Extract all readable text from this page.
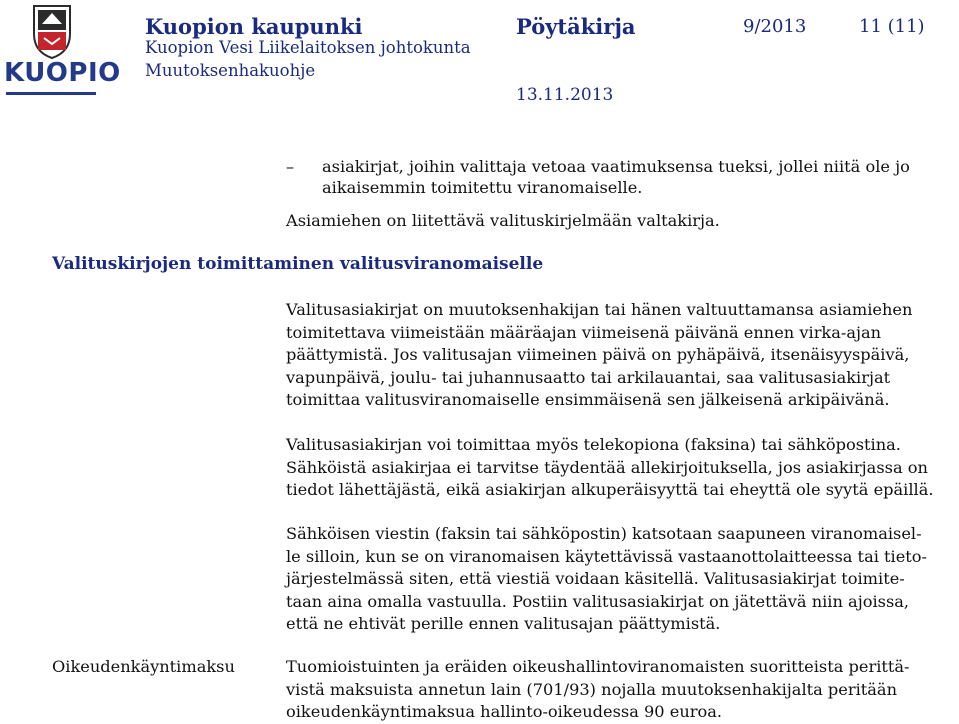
KUOPIO
Kuopion kaupunki
Kuopion Vesi Liikelaitoksen johtokunta
Muutoksenhakuohje
Pöytäkirja	9/2013	11 (11)
13.11.2013
– asiakirjat, joihin valittaja vetoaa vaatimuksensa tueksi, jollei niitä ole jo
aikaisemmin toimitettu viranomaiselle.
Asiamiehen on liitettävä valituskirjelmään valtakirja.
Valituskirjojen toimittaminen valitusviranomaiselle
Valitusasiakirjat on muutoksenhakijan tai hänen valtuuttamansa asiamiehen
toimitettava viimeistään määräajan viimeisenä päivänä ennen virka-ajan
päättymistä. Jos valitusajan viimeinen päivä on pyhäpäivä, itsenäisyyspäivä,
vapunpäivä, joulu- tai juhannusaatto tai arkilauantai, saa valitusasiakirjat
toimittaa valitusviranomaiselle ensimmäisenä sen jälkeisenä arkipäivänä.
Valitusasiakirjan voi toimittaa myös telekopiona (faksina) tai sähköpostina.
Sähköistä asiakirjaa ei tarvitse täydentää allekirjoituksella, jos asiakirjassa on
tiedot lähettäjästä, eikä asiakirjan alkuperäisyyttä tai eheyttä ole syytä epäillä.
Sähköisen viestin (faksin tai sähköpostin) katsotaan saapuneen viranomaisel-
le silloin, kun se on viranomaisen käytettävissä vastaanottolaitteessa tai tieto-
järjestelmässä siten, että viestiä voidaan käsitellä. Valitusasiakirjat toimite-
taan aina omalla vastuulla. Postiin valitusasiakirjat on jätettävä niin ajoissa,
että ne ehtivät perille ennen valitusajan päättymistä.
Oikeudenkäyntimaksu	Tuomioistuinten ja eräiden oikeushallintoviranomaisten suoritteista perittä-
vistä maksuista annetun lain (701/93) nojalla muutoksenhakijalta peritään
oikeudenkäyntimaksua hallinto-oikeudessa 90 euroa.
